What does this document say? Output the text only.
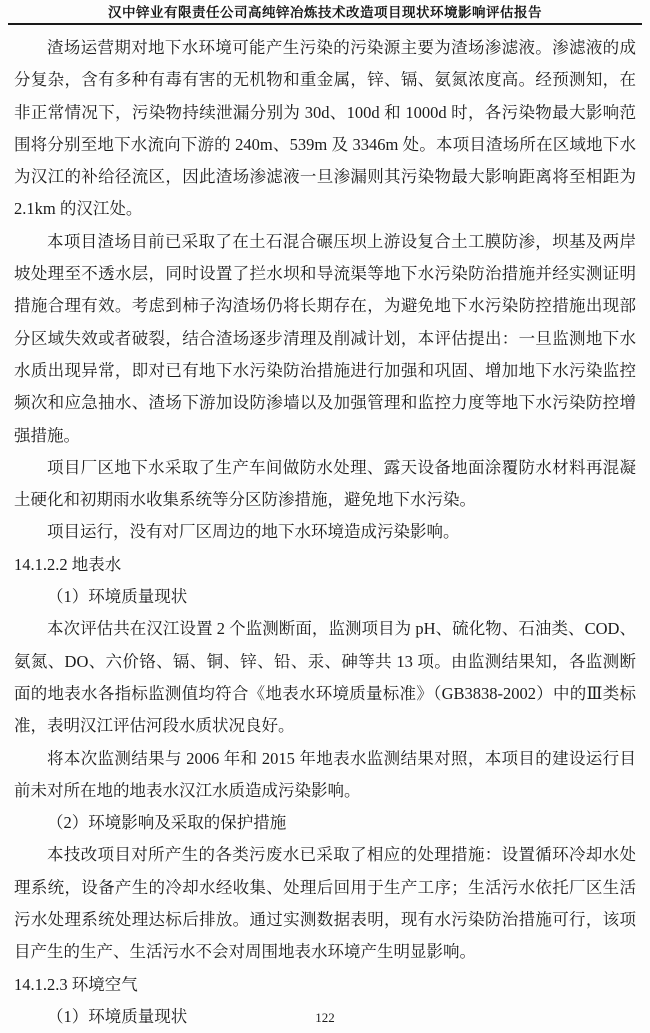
汉中锌业有限责任公司高纯锌冶炼技术改造项目现状环境影响评估报告

渣场运营期对地下水环境可能产生污染的污染源主要为渣场渗滤液。渗滤液的成分复杂，含有多种有毒有害的无机物和重金属，锌、镉、氨氮浓度高。经预测知，在非正常情况下，污染物持续泄漏分别为 30d、100d 和 1000d 时，各污染物最大影响范围将分别至地下水流向下游的 240m、539m 及 3346m 处。本项目渣场所在区域地下水为汉江的补给径流区，因此渣场渗滤液一旦渗漏则其污染物最大影响距离将至相距为 2.1km 的汉江处。

本项目渣场目前已采取了在土石混合碾压坝上游设复合土工膜防渗，坝基及两岸坡处理至不透水层，同时设置了拦水坝和导流渠等地下水污染防治措施并经实测证明措施合理有效。考虑到柿子沟渣场仍将长期存在，为避免地下水污染防控措施出现部分区域失效或者破裂，结合渣场逐步清理及削减计划，本评估提出：一旦监测地下水水质出现异常，即对已有地下水污染防治措施进行加强和巩固、增加地下水污染监控频次和应急抽水、渣场下游加设防渗墙以及加强管理和监控力度等地下水污染防控增强措施。

项目厂区地下水采取了生产车间做防水处理、露天设备地面涂覆防水材料再混凝土硬化和初期雨水收集系统等分区防渗措施，避免地下水污染。

项目运行，没有对厂区周边的地下水环境造成污染影响。

14.1.2.2 地表水

（1）环境质量现状

本次评估共在汉江设置 2 个监测断面，监测项目为 pH、硫化物、石油类、COD、氨氮、DO、六价铬、镉、铜、锌、铅、汞、砷等共 13 项。由监测结果知，各监测断面的地表水各指标监测值均符合《地表水环境质量标准》（GB3838-2002）中的Ⅲ类标准，表明汉江评估河段水质状况良好。

将本次监测结果与 2006 年和 2015 年地表水监测结果对照，本项目的建设运行目前未对所在地的地表水汉江水质造成污染影响。

（2）环境影响及采取的保护措施

本技改项目对所产生的各类污废水已采取了相应的处理措施：设置循环冷却水处理系统，设备产生的冷却水经收集、处理后回用于生产工序；生活污水依托厂区生活污水处理系统处理达标后排放。通过实测数据表明，现有水污染防治措施可行，该项目产生的生产、生活污水不会对周围地表水环境产生明显影响。

14.1.2.3 环境空气

（1）环境质量现状	122
